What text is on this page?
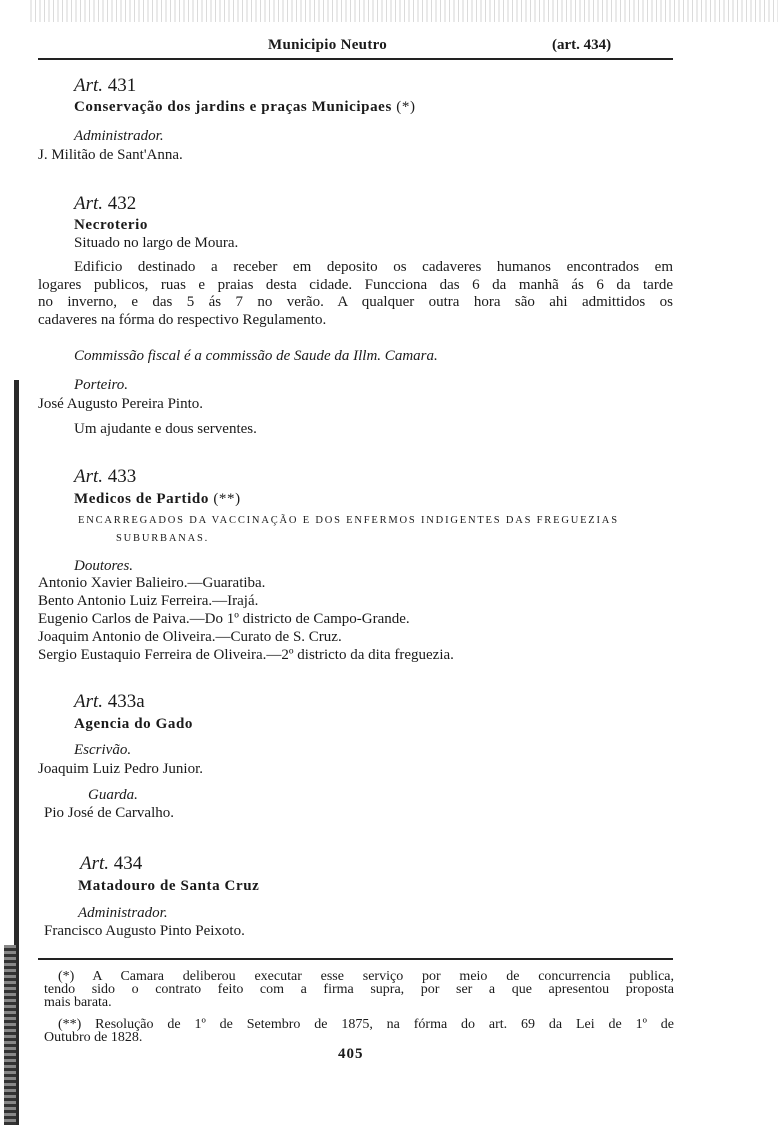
Municipio Neutro	(art. 434)
Art. 431
Conservação dos jardins e praças Municipaes (*)
Administrador.
J. Militão de Sant'Anna.
Art. 432
Necroterio
Situado no largo de Moura.
Edificio destinado a receber em deposito os cadaveres humanos encontrados em
logares publicos, ruas e praias desta cidade. Funcciona das 6 da manhã ás 6 da tarde
no inverno, e das 5 ás 7 no verão. A qualquer outra hora são ahi admittidos os
cadaveres na fórma do respectivo Regulamento.
Commissão fiscal é a commissão de Saude da Illm. Camara.
Porteiro.
José Augusto Pereira Pinto.
Um ajudante e dous serventes.
Art. 433
Medicos de Partido (**)
ENCARREGADOS DA VACCINAÇÃO E DOS ENFERMOS INDIGENTES DAS FREGUEZIAS
SUBURBANAS.
Doutores.
Antonio Xavier Balieiro.—Guaratiba.
Bento Antonio Luiz Ferreira.—Irajá.
Eugenio Carlos de Paiva.—Do 1º districto de Campo-Grande.
Joaquim Antonio de Oliveira.—Curato de S. Cruz.
Sergio Eustaquio Ferreira de Oliveira.—2º districto da dita freguezia.
Art. 433a
Agencia do Gado
Escrivão.
Joaquim Luiz Pedro Junior.
Guarda.
Pio José de Carvalho.
Art. 434
Matadouro de Santa Cruz
Administrador.
Francisco Augusto Pinto Peixoto.
(*) A Camara deliberou executar esse serviço por meio de concurrencia publica,
tendo sido o contrato feito com a firma supra, por ser a que apresentou proposta
mais barata.
(**) Resolução de 1º de Setembro de 1875, na fórma do art. 69 da Lei de 1º de
Outubro de 1828.
405
